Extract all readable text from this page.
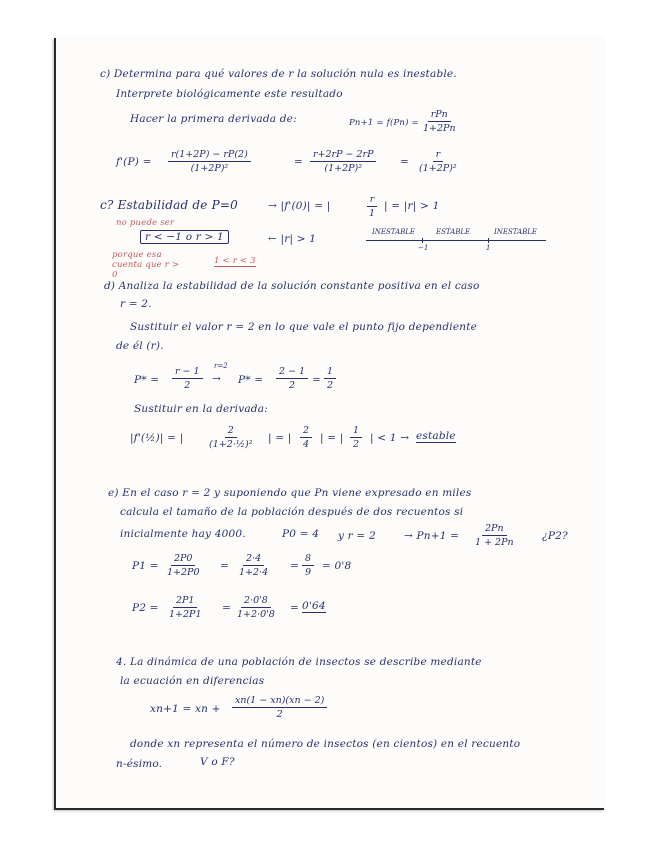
c) Determina para qué valores de r la solución nula es inestable.
Interprete biológicamente este resultado
Hacer la primera derivada de:	Pn+1 = f(Pn) =
rPn
1+2Pn
$f'(P) = \frac{r(1+2P) - rP(2)}{\text{(1+2P)²}}$	= $\frac{r+2rP - 2rP}{\text{(1+2P)²}} = \frac{r}{\text{(1+2P)²}}$
c? Estabilidad de P=0	→ |f'(0)| = |	$\frac{r}{1}$ | = |r| > 1
no puede ser
r < −1 o r > 1	← |r| > 1
INESTABLE	ESTABLE	INESTABLE
−1	1
porque esa cuenta que r > 0
1 < r < 3
d) Analiza la estabilidad de la solución constante positiva en el caso
r = 2.
Sustituir el valor r = 2 en lo que vale el punto fijo dependiente
de él (r).
$P* = \frac{r - 1}{2} r=2$
→ $P* = \frac{2 - 1}{2} = \frac{1}{2}$
Sustituir en la derivada:
|f'(½)| = | $\frac{2}{\text{(1+2·½)²}}$ | = | $\frac{2}{4}$ | = | $\frac{1}{2}$ | < 1 → estable
e) En el caso r = 2 y suponiendo que Pn viene expresado en miles
calcula el tamaño de la población después de dos recuentos si
inicialmente hay 4000.	P0 = 4 y r = 2	→ $Pn+1 = \frac{2Pn}{1 + 2Pn}$ ¿P2?
$P1 = \frac{2P0}{1+2P0} = \frac{2\cdot 4}{1+2\cdot 4} = \frac{8}{9} = 0'8$
$P2 = \frac{2P1}{1+2P1} = \frac{2\cdot 0'8}{1+2\cdot 0'8} = 0'64$
4. La dinámica de una población de insectos se describe mediante
la ecuación en diferencias
xn+1 = xn + $\frac{xn(1 - xn)(xn - 2)}{2}$
donde xn representa el número de insectos (en cientos) en el recuento
n-ésimo.	V o F?
